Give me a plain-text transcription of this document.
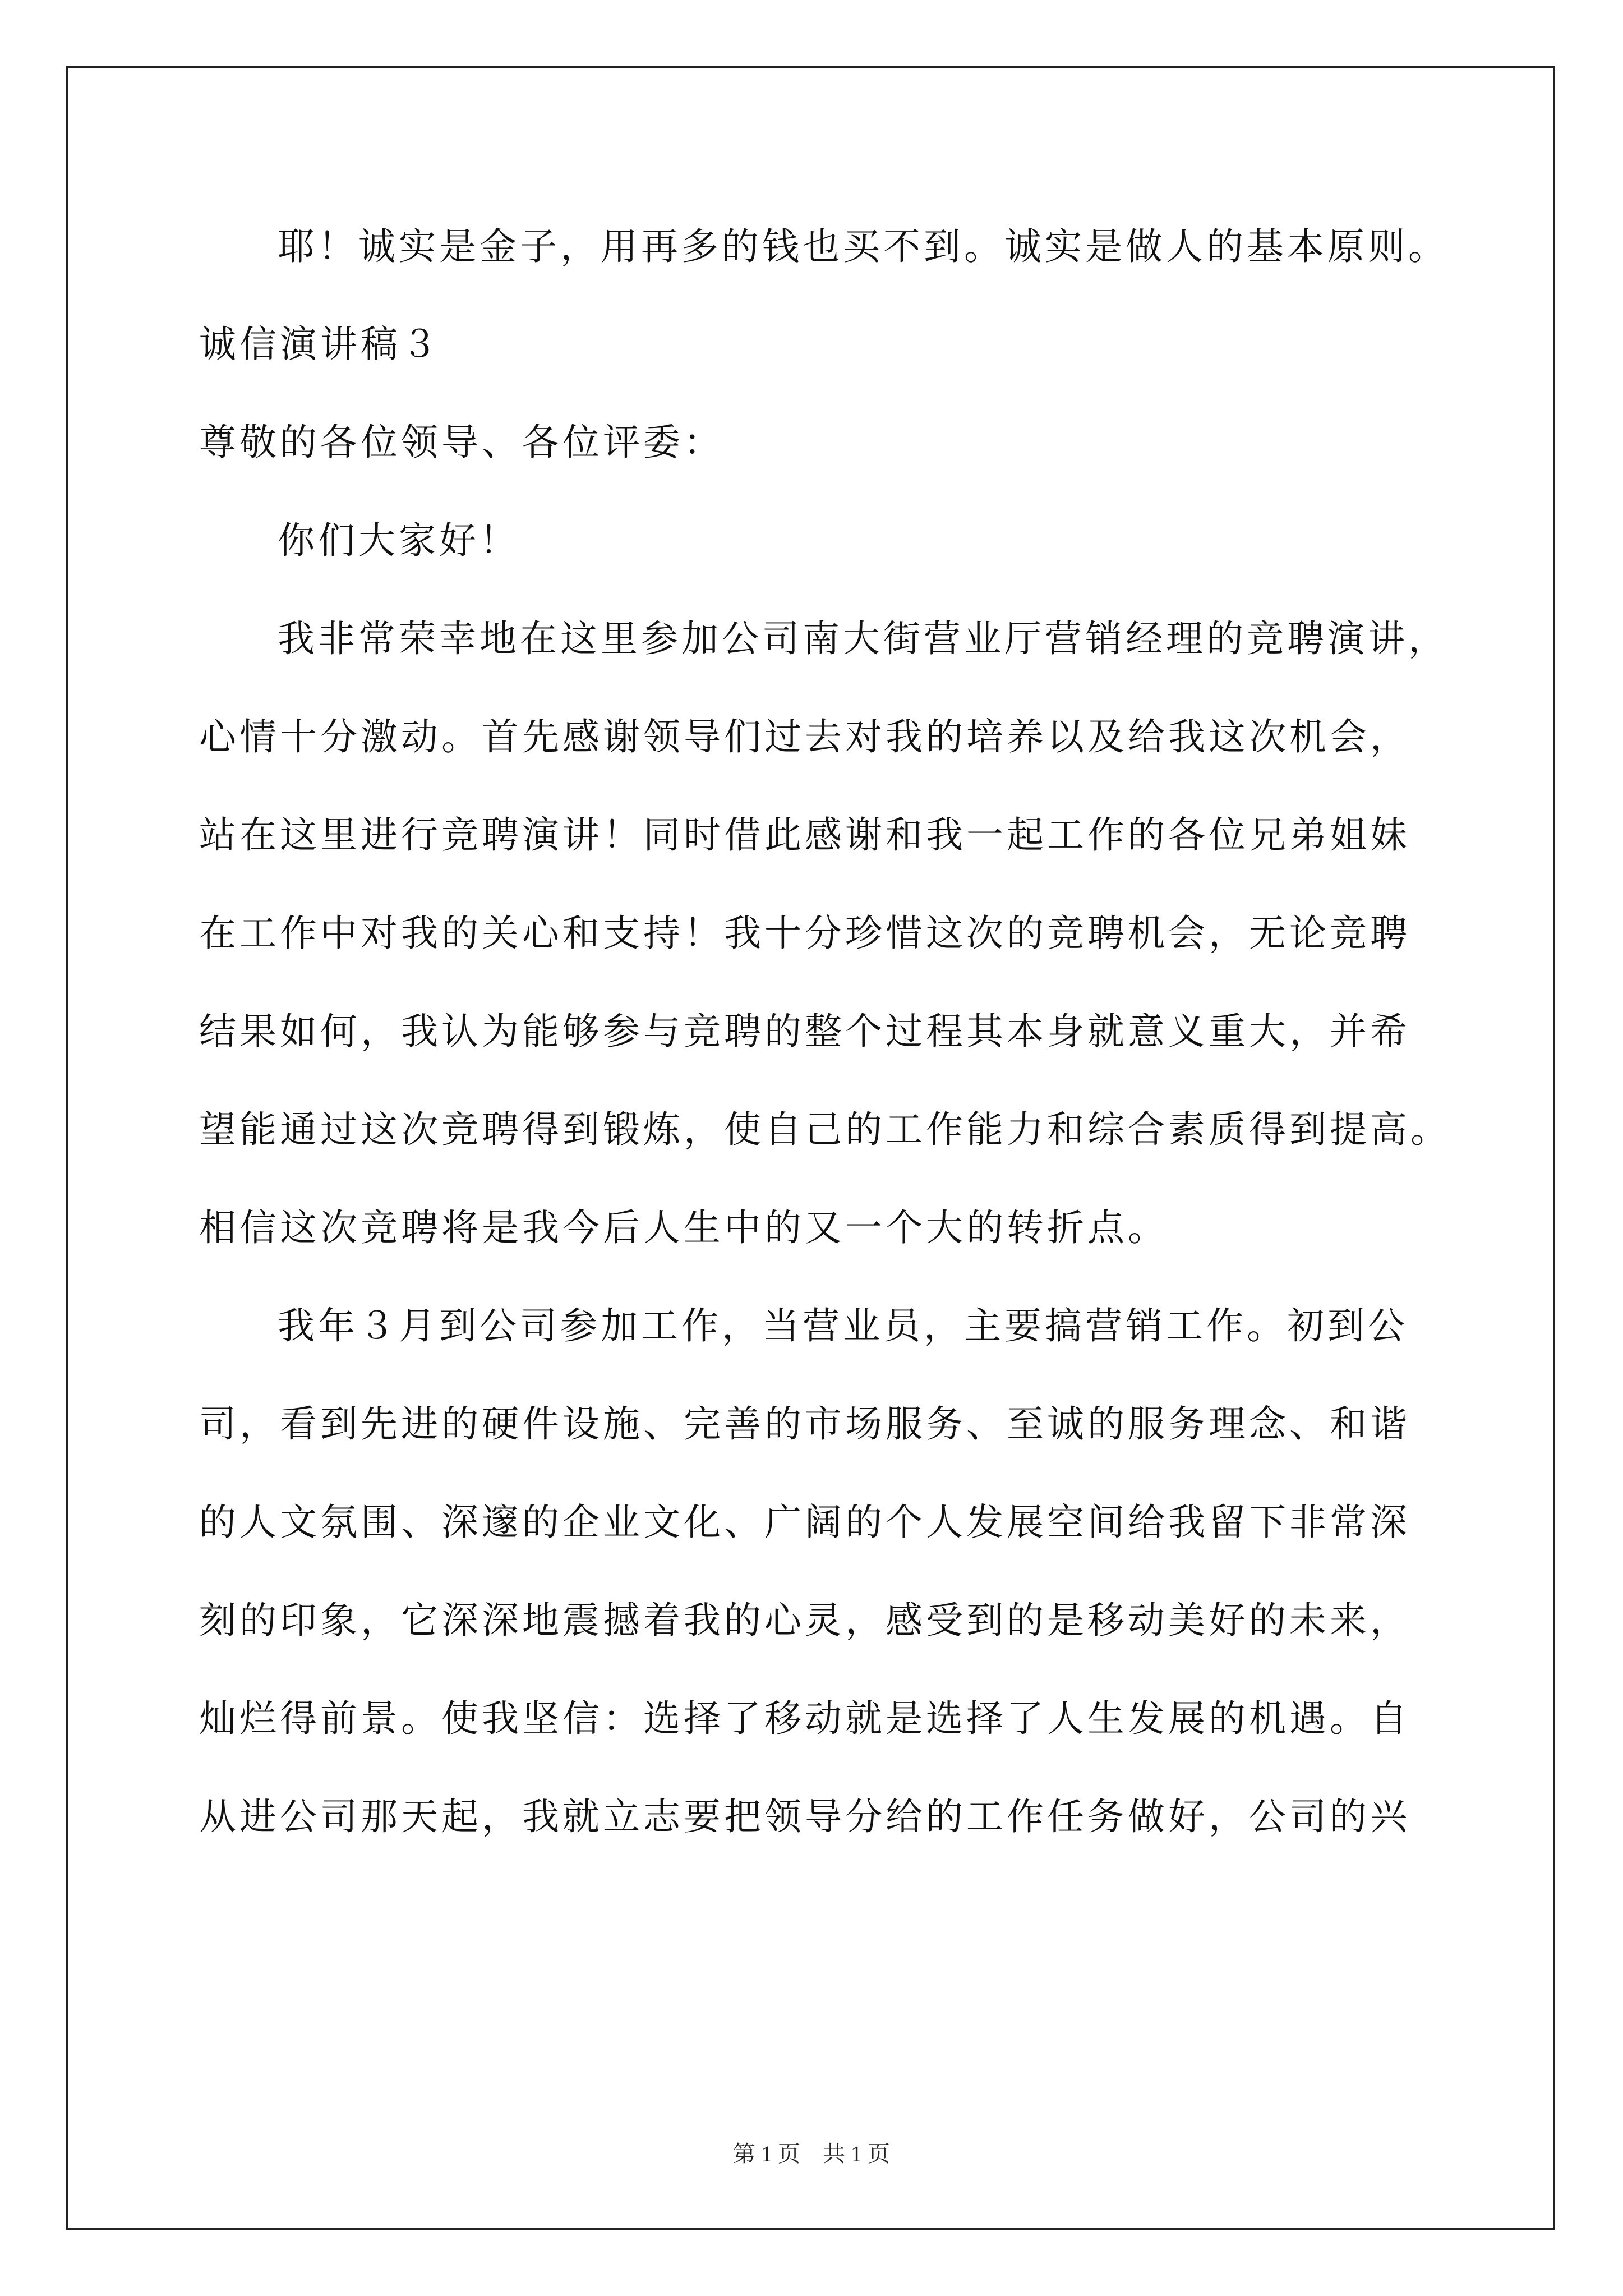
耶！诚实是金子，用再多的钱也买不到。诚实是做人的基本原则。
诚信演讲稿３
尊敬的各位领导、各位评委：
你们大家好！
我非常荣幸地在这里参加公司南大街营业厅营销经理的竞聘演讲，
心情十分激动。首先感谢领导们过去对我的培养以及给我这次机会，
站在这里进行竞聘演讲！同时借此感谢和我一起工作的各位兄弟姐妹
在工作中对我的关心和支持！我十分珍惜这次的竞聘机会，无论竞聘
结果如何，我认为能够参与竞聘的整个过程其本身就意义重大，并希
望能通过这次竞聘得到锻炼，使自己的工作能力和综合素质得到提高。
相信这次竞聘将是我今后人生中的又一个大的转折点。
我年３月到公司参加工作，当营业员，主要搞营销工作。初到公
司，看到先进的硬件设施、完善的市场服务、至诚的服务理念、和谐
的人文氛围、深邃的企业文化、广阔的个人发展空间给我留下非常深
刻的印象，它深深地震撼着我的心灵，感受到的是移动美好的未来，
灿烂得前景。使我坚信：选择了移动就是选择了人生发展的机遇。自
从进公司那天起，我就立志要把领导分给的工作任务做好，公司的兴
第 1 页　共 1 页
